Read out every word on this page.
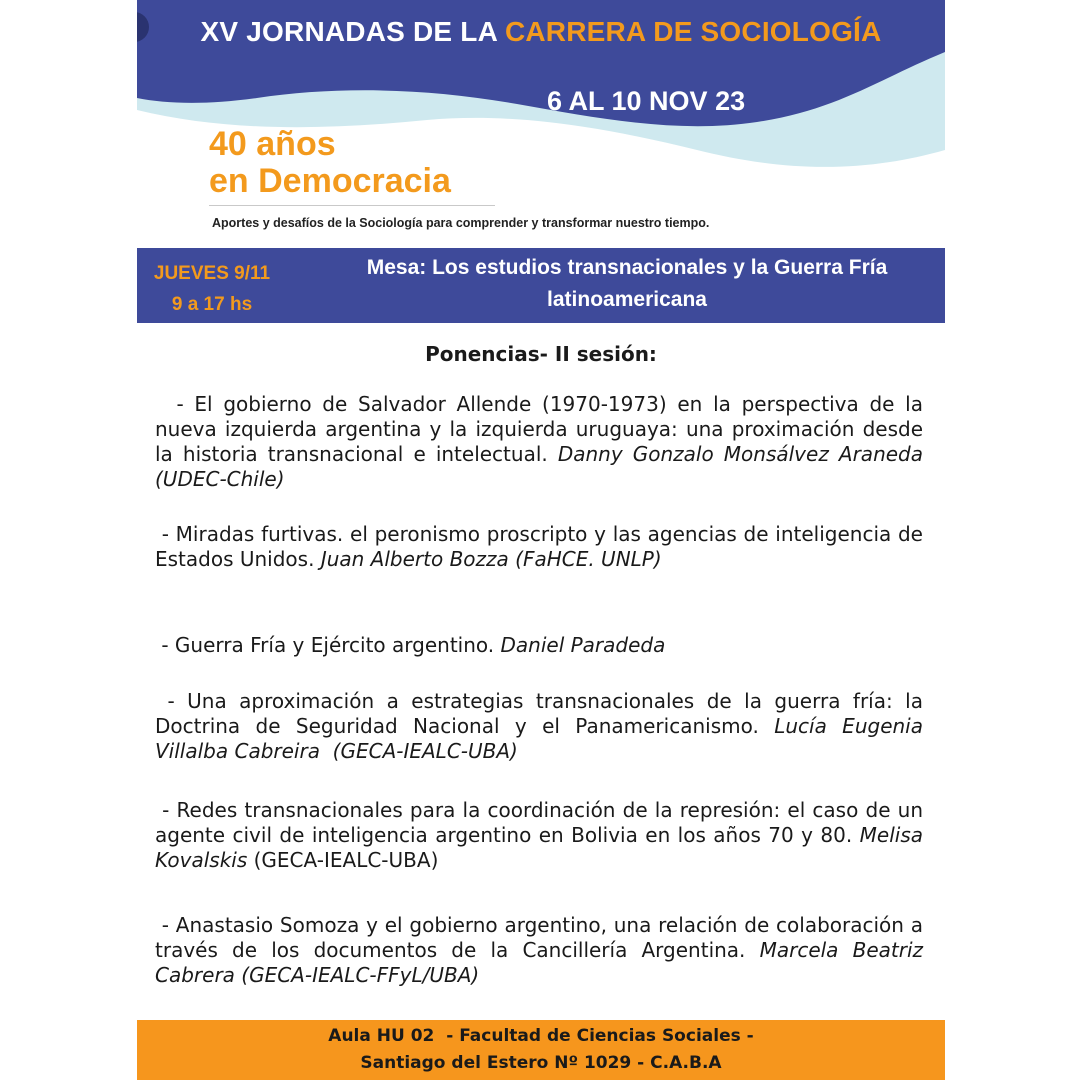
XV JORNADAS DE LA CARRERA DE SOCIOLOGÍA
6 AL 10 NOV 23
40 años
en Democracia
Aportes y desafíos de la Sociología para comprender y transformar nuestro tiempo.
JUEVES 9/11
9 a 17 hs
Mesa: Los estudios transnacionales y la Guerra Fría latinoamericana
Ponencias- II sesión:
- El gobierno de Salvador Allende (1970-1973) en la perspectiva de la nueva izquierda argentina y la izquierda uruguaya: una proximación desde la historia transnacional e intelectual. Danny Gonzalo Monsálvez Araneda (UDEC-Chile)
- Miradas furtivas. el peronismo proscripto y las agencias de inteligencia de Estados Unidos. Juan Alberto Bozza (FaHCE. UNLP)
- Guerra Fría y Ejército argentino. Daniel Paradeda
- Una aproximación a estrategias transnacionales de la guerra fría: la Doctrina de Seguridad Nacional y el Panamericanismo. Lucía Eugenia Villalba Cabreira  (GECA-IEALC-UBA)
- Redes transnacionales para la coordinación de la represión: el caso de un agente civil de inteligencia argentino en Bolivia en los años 70 y 80. Melisa Kovalskis (GECA-IEALC-UBA)
- Anastasio Somoza y el gobierno argentino, una relación de colaboración a través de los documentos de la Cancillería Argentina. Marcela Beatriz Cabrera (GECA-IEALC-FFyL/UBA)
Aula HU 02  - Facultad de Ciencias Sociales -
Santiago del Estero Nº 1029 - C.A.B.A
